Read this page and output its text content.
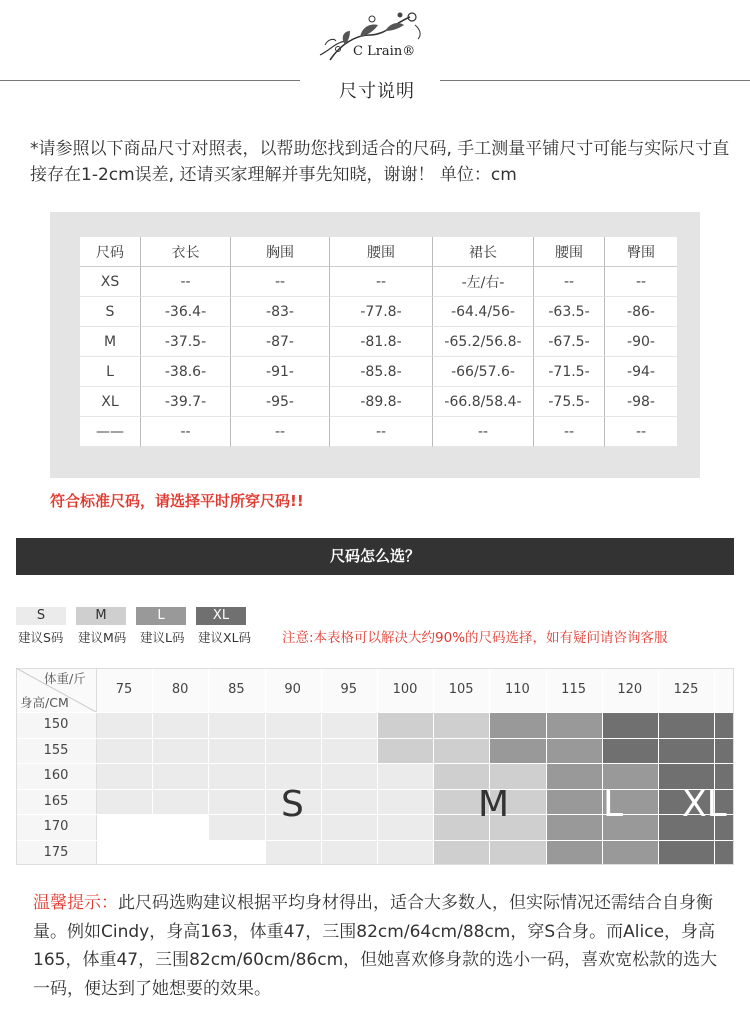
C Lrain®
尺寸说明
*请参照以下商品尺寸对照表，以帮助您找到适合的尺码, 手工测量平铺尺寸可能与实际尺寸直接存在1-2cm误差, 还请买家理解并事先知晓，谢谢！ 单位：cm
尺码	衣长	胸围	腰围	裙长	腰围	臀围
XS	--	--	--	-左/右-	--	--
S	-36.4-	-83-	-77.8-	-64.4/56-	-63.5-	-86-
M	-37.5-	-87-	-81.8-	-65.2/56.8-	-67.5-	-90-
L	-38.6-	-91-	-85.8-	-66/57.6-	-71.5-	-94-
XL	-39.7-	-95-	-89.8-	-66.8/58.4-	-75.5-	-98-
——	--	--	--	--	--	--
符合标准尺码，请选择平时所穿尺码!!
尺码怎么选？
S
建议S码
M
建议M码
L
建议L码
XL
建议XL码 注意:本表格可以解决大约90%的尺码选择，如有疑问请咨询客服
体重/斤
身高/CM
75	80	85	90	95	100	105	110	115	120	125
150
155
160
165
170
175
S	M	L XL
温馨提示：此尺码选购建议根据平均身材得出，适合大多数人，但实际情况还需结合自身衡量。例如Cindy，身高163，体重47，三围82cm/64cm/88cm，穿S合身。而Alice，身高165，体重47，三围82cm/60cm/86cm，但她喜欢修身款的选小一码，喜欢宽松款的选大一码，便达到了她想要的效果。
